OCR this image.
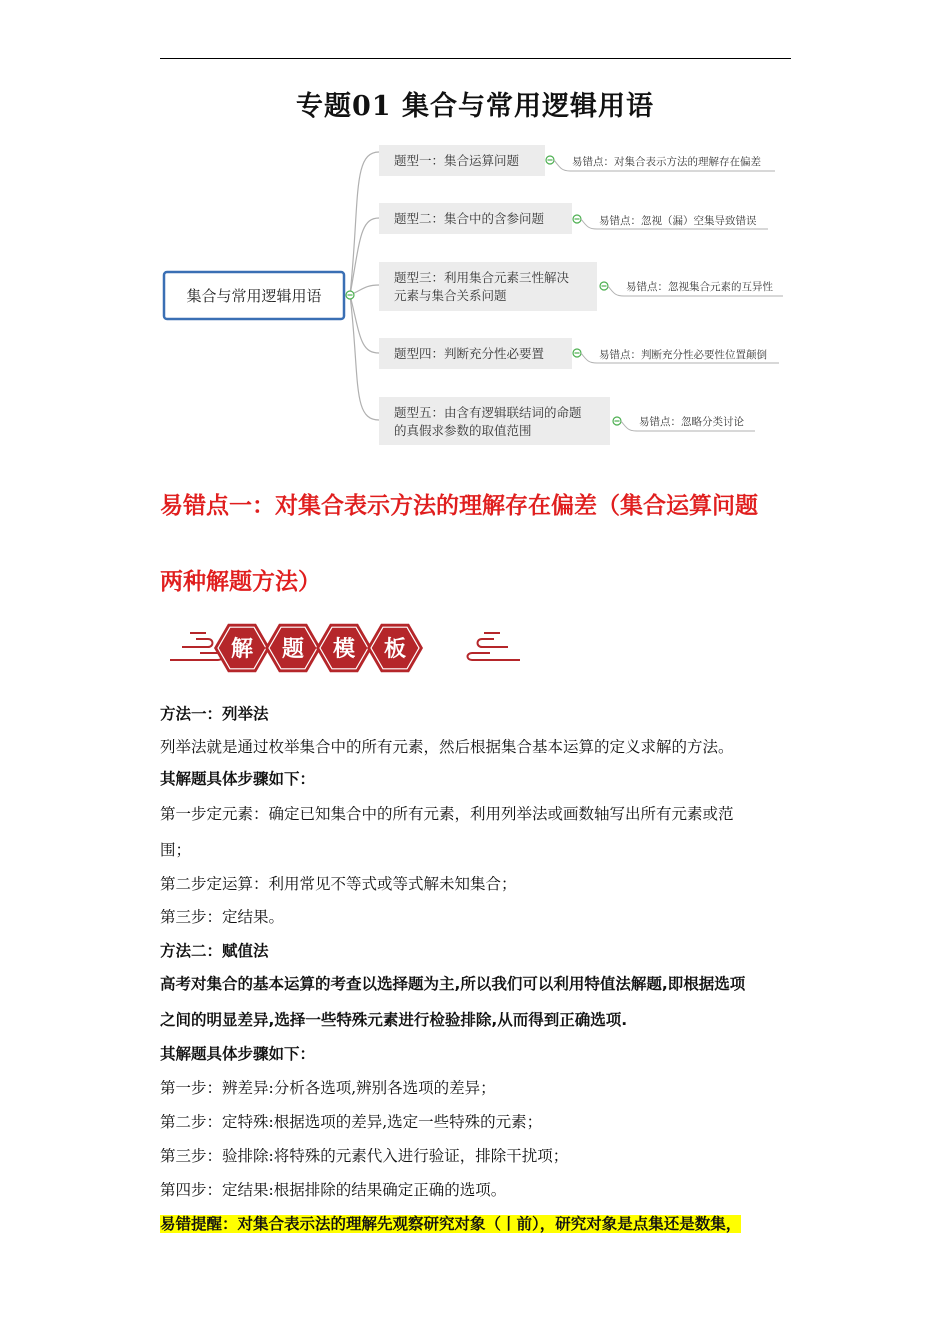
专题01 集合与常用逻辑用语
集合与常用逻辑用语
题型一：集合运算问题	易错点：对集合表示方法的理解存在偏差
题型二：集合中的含参问题	易错点：忽视（漏）空集导致错误
题型三：利用集合元素三性解决
元素与集合关系问题
易错点：忽视集合元素的互异性
题型四：判断充分性必要置	易错点：判断充分性必要性位置颠倒
题型五：由含有逻辑联结词的命题
的真假求参数的取值范围
易错点：忽略分类讨论
易错点一：对集合表示方法的理解存在偏差（集合运算问题
两种解题方法）
解 题 模 板
方法一：列举法
列举法就是通过枚举集合中的所有元素，然后根据集合基本运算的定义求解的方法。
其解题具体步骤如下：
第一步定元素：确定已知集合中的所有元素，利用列举法或画数轴写出所有元素或范
围；
第二步定运算：利用常见不等式或等式解未知集合；
第三步：定结果。
方法二：赋值法
高考对集合的基本运算的考查以选择题为主,所以我们可以利用特值法解题,即根据选项
之间的明显差异,选择一些特殊元素进行检验排除,从而得到正确选项.
其解题具体步骤如下：
第一步：辨差异:分析各选项,辨别各选项的差异；
第二步：定特殊:根据选项的差异,选定一些特殊的元素；
第三步：验排除:将特殊的元素代入进行验证，排除干扰项；
第四步：定结果:根据排除的结果确定正确的选项。
易错提醒：对集合表示法的理解先观察研究对象（丨前），研究对象是点集还是数集，
